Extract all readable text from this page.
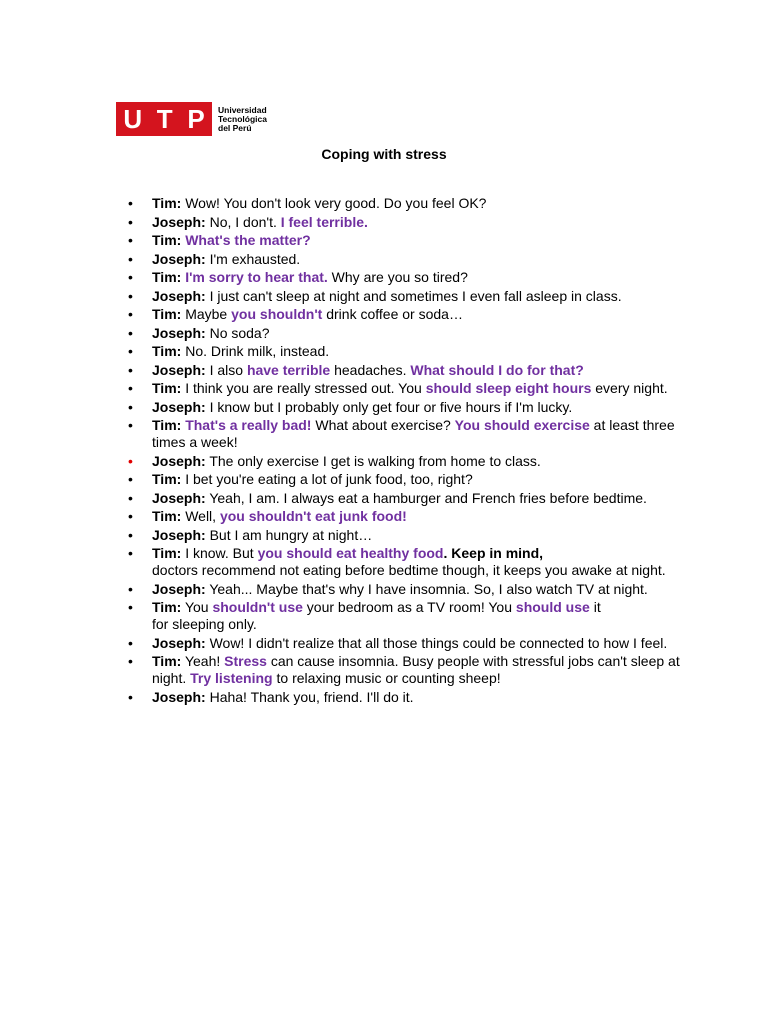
U T P Universidad
Tecnológica
del Perú
Coping with stress
• Tim: Wow! You don't look very good. Do you feel OK?
• Joseph: No, I don't. I feel terrible.
• Tim: What's the matter?
• Joseph: I'm exhausted.
• Tim: I'm sorry to hear that. Why are you so tired?
• Joseph: I just can't sleep at night and sometimes I even fall asleep in class.
• Tim: Maybe you shouldn't drink coffee or soda…
• Joseph: No soda?
• Tim: No. Drink milk, instead.
• Joseph: I also have terrible headaches. What should I do for that?
• Tim: I think you are really stressed out. You should sleep eight hours every night.
• Joseph: I know but I probably only get four or five hours if I'm lucky.
• Tim: That's a really bad! What about exercise? You should exercise at least three times a week!
• Joseph: The only exercise I get is walking from home to class.
• Tim: I bet you're eating a lot of junk food, too, right?
• Joseph: Yeah, I am. I always eat a hamburger and French fries before bedtime.
• Tim: Well, you shouldn't eat junk food!
• Joseph: But I am hungry at night…
• Tim: I know. But you should eat healthy food. Keep in mind,
doctors recommend not eating before bedtime though, it keeps you awake at night.
• Joseph: Yeah... Maybe that's why I have insomnia. So, I also watch TV at night.
• Tim: You shouldn't use your bedroom as a TV room! You should use it
for sleeping only.
• Joseph: Wow! I didn't realize that all those things could be connected to how I feel.
• Tim: Yeah! Stress can cause insomnia. Busy people with stressful jobs can't sleep at night. Try listening to relaxing music or counting sheep!
• Joseph: Haha! Thank you, friend. I'll do it.
